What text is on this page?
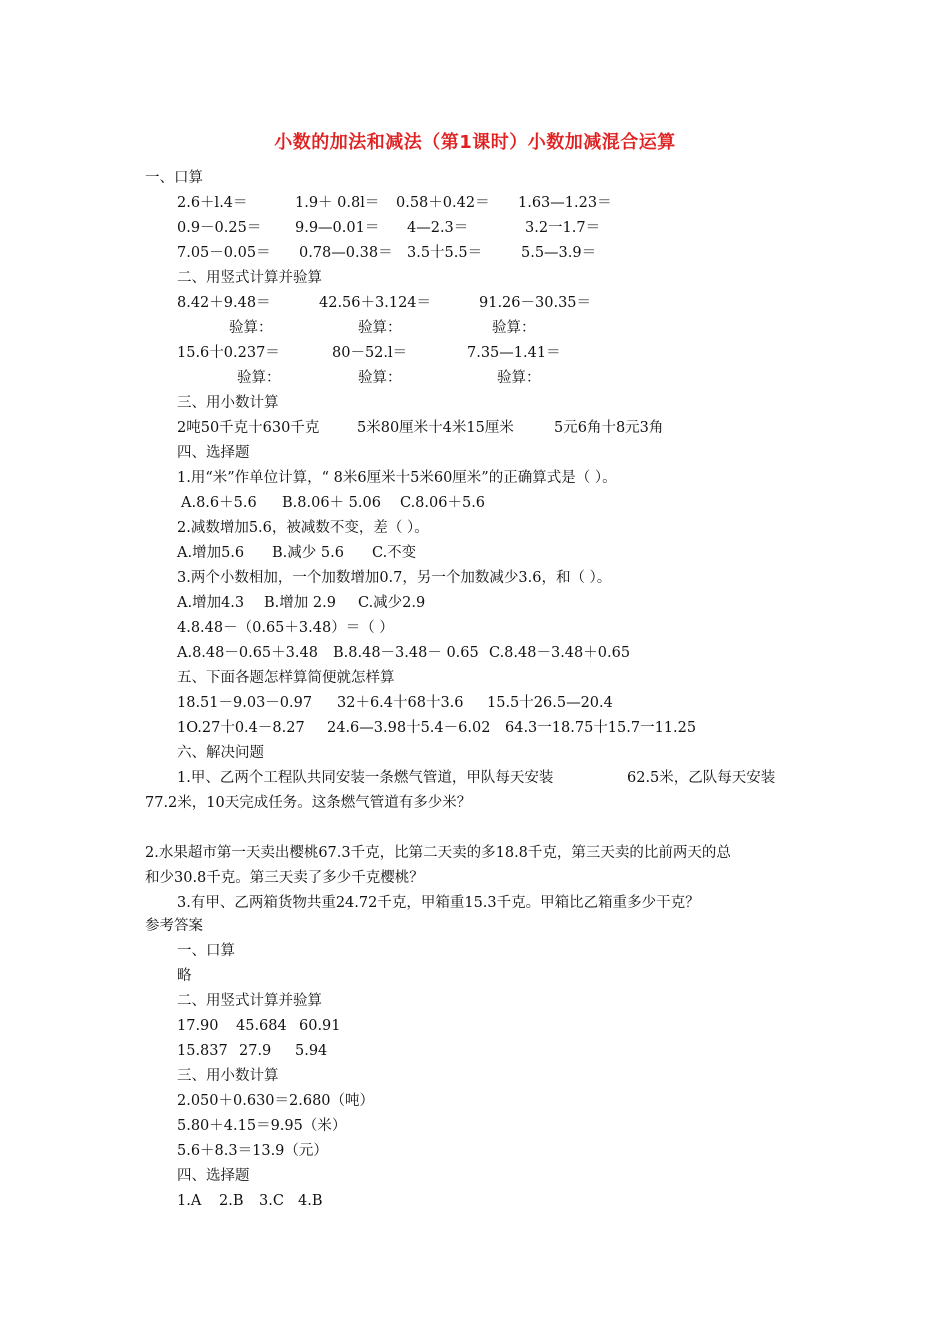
小数的加法和减法（第1课时）小数加减混合运算
一、口算
2.6＋l.4＝	1.9＋ 0.8l＝ 0.58＋0.42＝ 1.63—1.23＝
0.9－0.25＝ 9.9—0.01＝ 4—2.3＝	3.2一1.7＝
7.05－0.05＝ 0.78—0.38＝ 3.5十5.5＝	5.5—3.9＝
二、用竖式计算并验算
8.42＋9.48＝	42.56＋3.124＝	91.26－30.35＝
验算：	验算：	验算：
15.6十0.237＝	80－52.l＝	7.35—1.41＝
验算：	验算：	验算：
三、用小数计算
2吨50千克十630千克	5米80厘米十4米15厘米	5元6角十8元3角
四、选择题
1.用“米”作单位计算，“ 8米6厘米十5米60厘米”的正确算式是（ ）。
A.8.6＋5.6 B.8.06＋ 5.06 C.8.06＋5.6
2.减数增加5.6，被减数不变，差（ ）。
A.增加5.6 B.减少 5.6 C.不变
3.两个小数相加，一个加数增加0.7，另一个加数减少3.6，和（ ）。
A.增加4.3 B.增加 2.9 C.减少2.9
4.8.48－（0.65＋3.48）＝（ ）
A.8.48－0.65＋3.48 B.8.48－3.48－ 0.65 C.8.48－3.48＋0.65
五、下面各题怎样算简便就怎样算
18.51－9.03－0.97 32＋6.4十68十3.6 15.5十26.5—20.4
1O.27十0.4－8.27 24.6—3.98十5.4－6.02 64.3一18.75十15.7一11.25
六、解决问题
1.甲、乙两个工程队共同安装一条燃气管道，甲队每天安装	62.5米，乙队每天安装
77.2米，10天完成任务。这条燃气管道有多少米？
2.水果超市第一天卖出樱桃67.3千克，比第二天卖的多18.8千克，第三天卖的比前两天的总
和少30.8千克。第三天卖了多少千克樱桃？
3.有甲、乙两箱货物共重24.72千克，甲箱重15.3千克。甲箱比乙箱重多少干克？
参考答案
一、口算
略
二、用竖式计算并验算
17.90 45.684 60.91
15.837 27.9 5.94
三、用小数计算
2.050＋0.630＝2.680（吨）
5.80＋4.15＝9.95（米）
5.6＋8.3＝13.9（元）
四、选择题
1.A 2.B 3.C 4.B
